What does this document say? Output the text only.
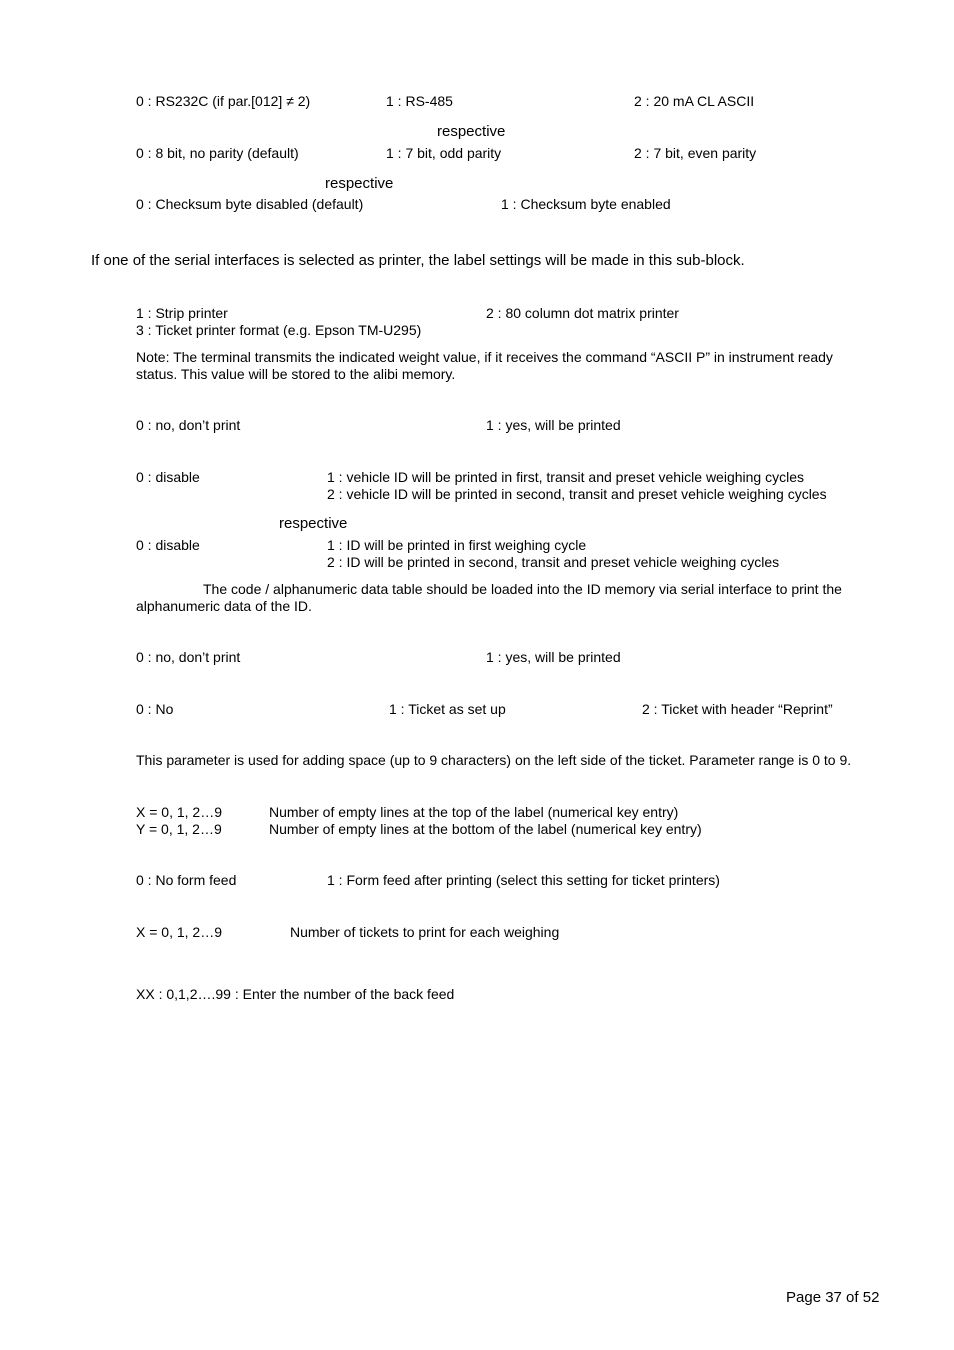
0 : RS232C (if par.[012] ≠ 2)	1 : RS-485	2 : 20 mA CL ASCII
respective
0 : 8 bit, no parity (default)	1 : 7 bit, odd parity	2 : 7 bit, even parity
respective
0 : Checksum byte disabled (default)	1 : Checksum byte enabled
If one of the serial interfaces is selected as printer, the label settings will be made in this sub-block.
1 : Strip printer	2 : 80 column dot matrix printer
3 : Ticket printer format (e.g. Epson TM-U295)
Note: The terminal transmits the indicated weight value, if it receives the command “ASCII P” in instrument ready status. This value will be stored to the alibi memory.
0 : no, don’t print	1 : yes, will be printed
0 : disable	1 : vehicle ID will be printed in first, transit and preset vehicle weighing cycles
2 : vehicle ID will be printed in second, transit and preset vehicle weighing cycles
respective
0 : disable	1 : ID will be printed in first weighing cycle
2 : ID will be printed in second, transit and preset vehicle weighing cycles
The code / alphanumeric data table should be loaded into the ID memory via serial interface to print the
alphanumeric data of the ID.
0 : no, don’t print	1 : yes, will be printed
0 : No	1 : Ticket as set up	2 : Ticket with header “Reprint”
This parameter is used for adding space (up to 9 characters) on the left side of the ticket. Parameter range is 0 to 9.
X = 0, 1, 2…9	Number of empty lines at the top of the label (numerical key entry)
Y = 0, 1, 2…9	Number of empty lines at the bottom of the label (numerical key entry)
0 : No form feed	1 : Form feed after printing (select this setting for ticket printers)
X = 0, 1, 2…9	Number of tickets to print for each weighing
XX : 0,1,2….99 : Enter the number of the back feed
Page 37 of 52
